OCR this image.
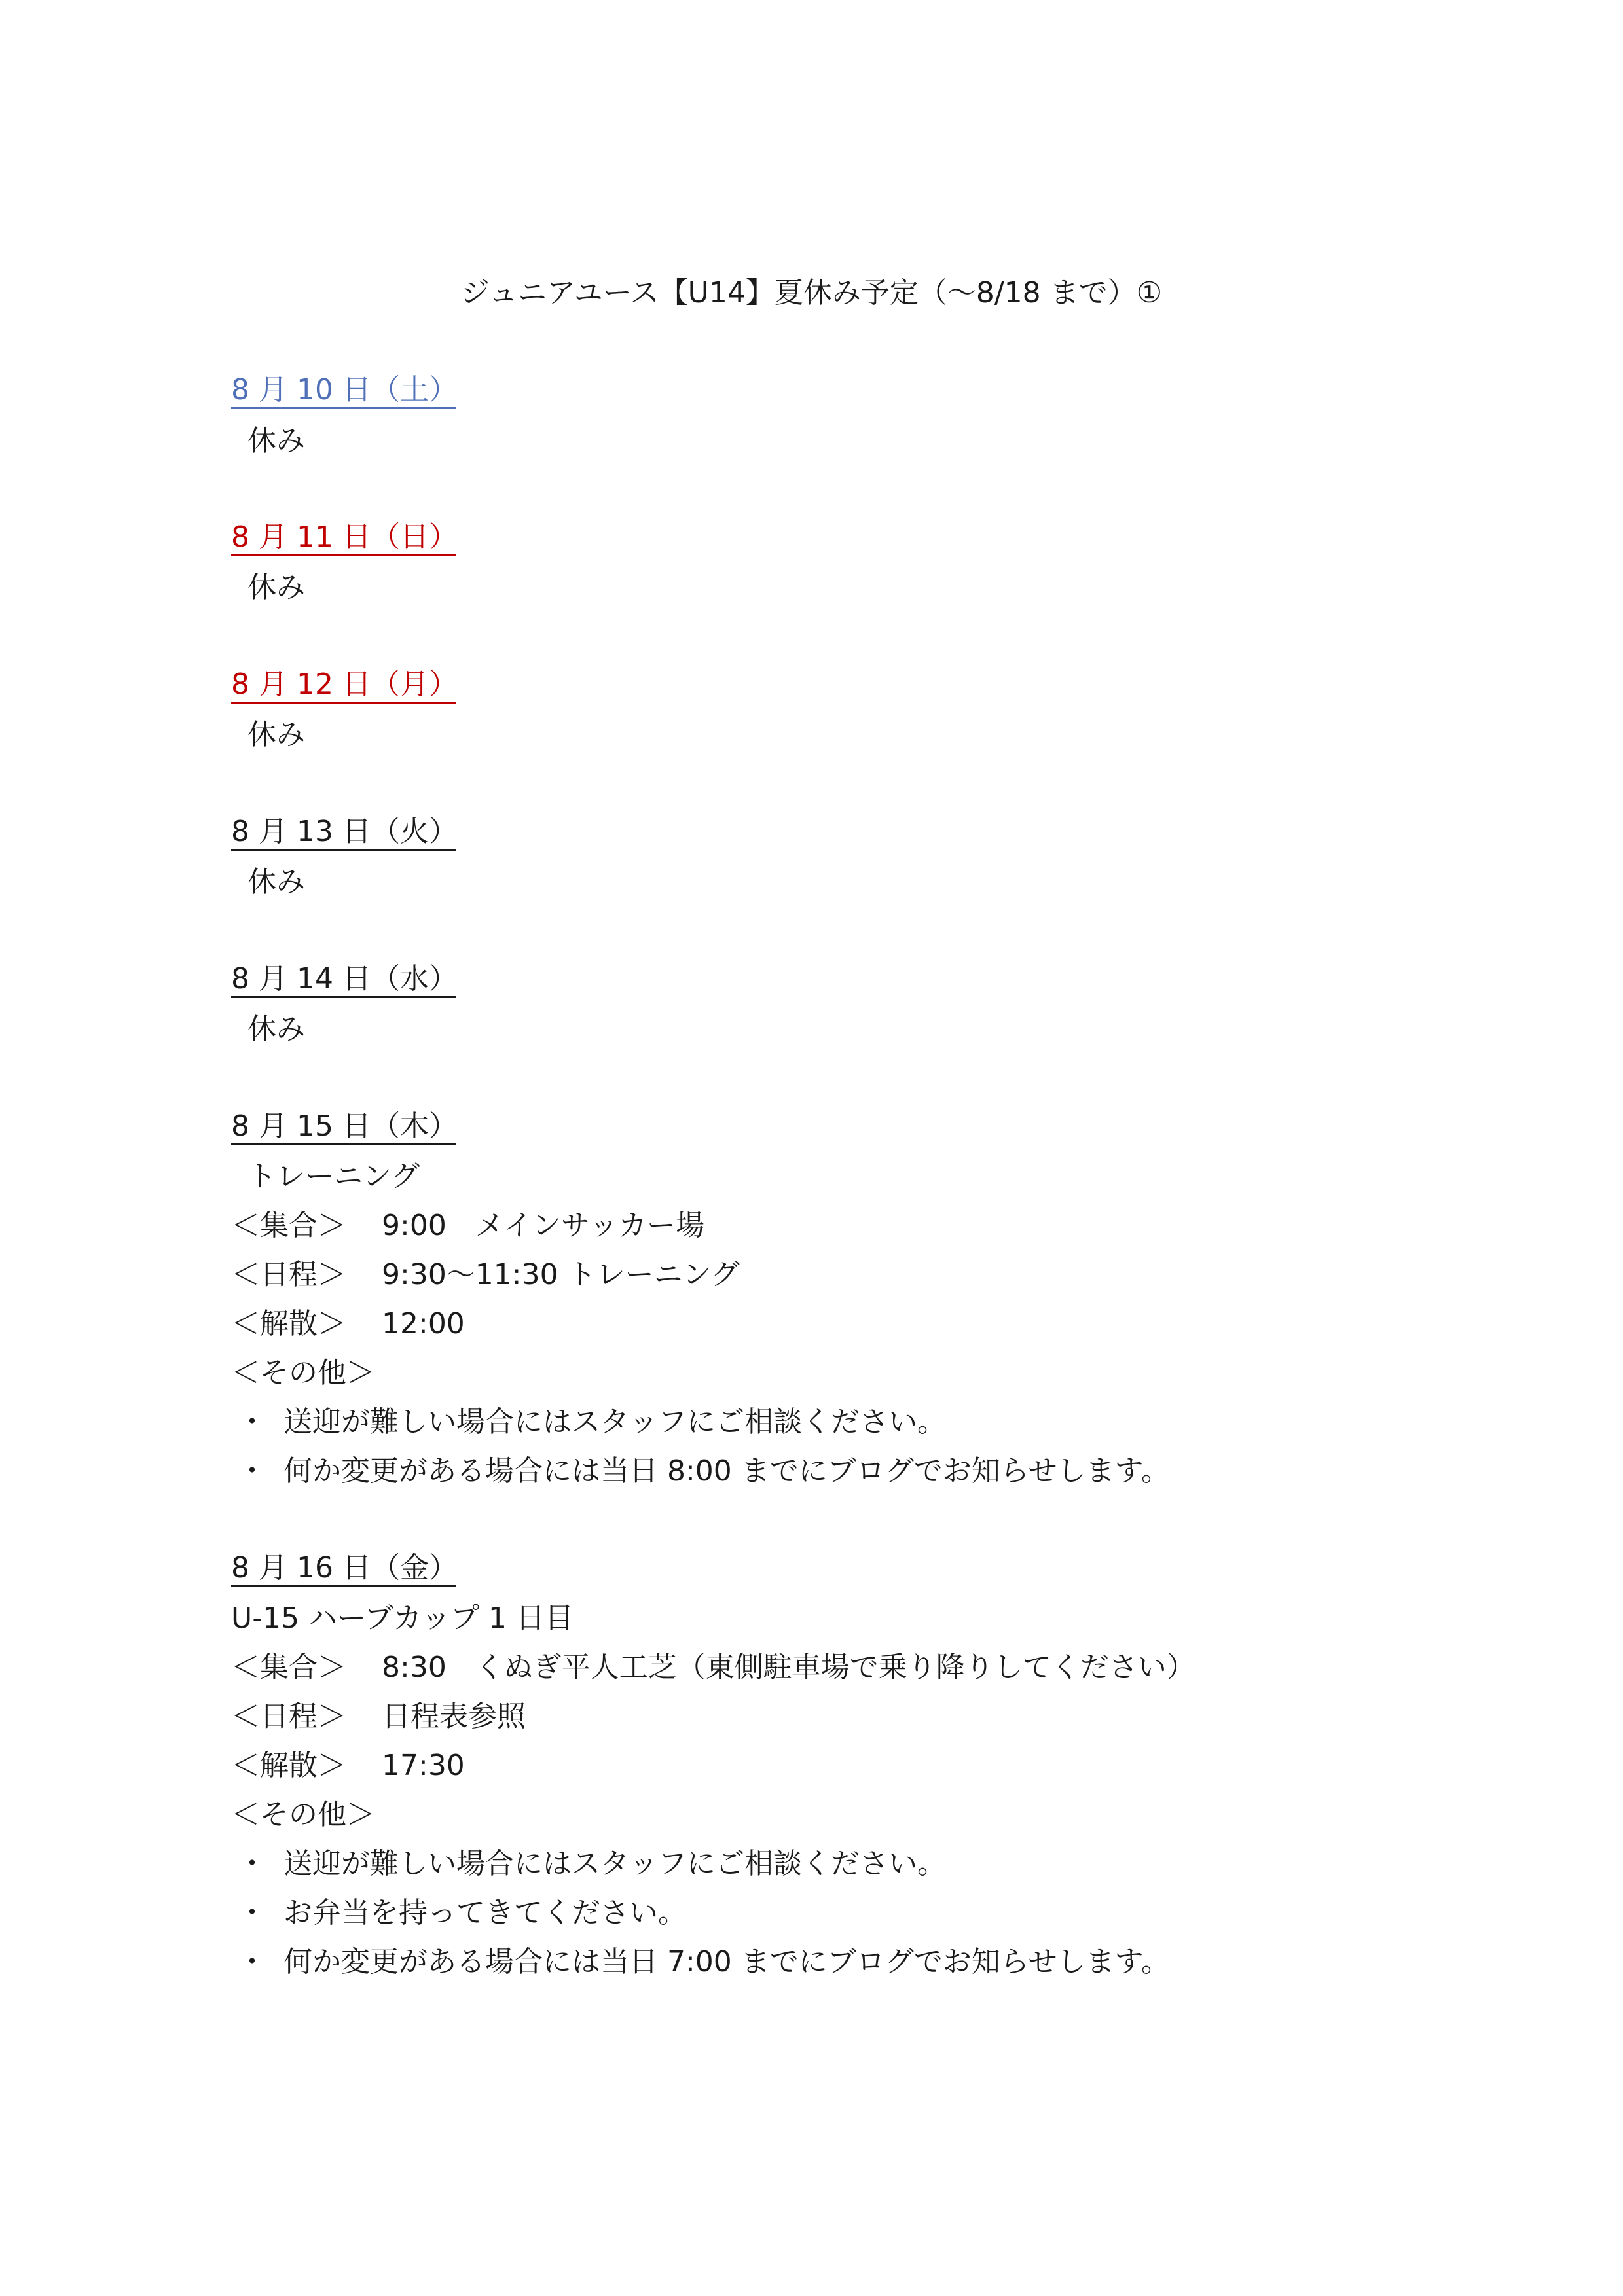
ジュニアユース【U14】夏休み予定（〜8/18 まで）①
8 月 10 日（土）
休み
8 月 11 日（日）
休み
8 月 12 日（月）
休み
8 月 13 日（火）
休み
8 月 14 日（水）
休み
8 月 15 日（木）
トレーニング
＜集合＞ 9:00　メインサッカー場
＜日程＞ 9:30〜11:30 トレーニング
＜解散＞ 12:00
＜その他＞
・ 送迎が難しい場合にはスタッフにご相談ください。
・ 何か変更がある場合には当日 8:00 までにブログでお知らせします。
8 月 16 日（金）
U-15 ハーブカップ 1 日目
＜集合＞ 8:30　くぬぎ平人工芝（東側駐車場で乗り降りしてください）
＜日程＞ 日程表参照
＜解散＞ 17:30
＜その他＞
・ 送迎が難しい場合にはスタッフにご相談ください。
・ お弁当を持ってきてください。
・ 何か変更がある場合には当日 7:00 までにブログでお知らせします。
